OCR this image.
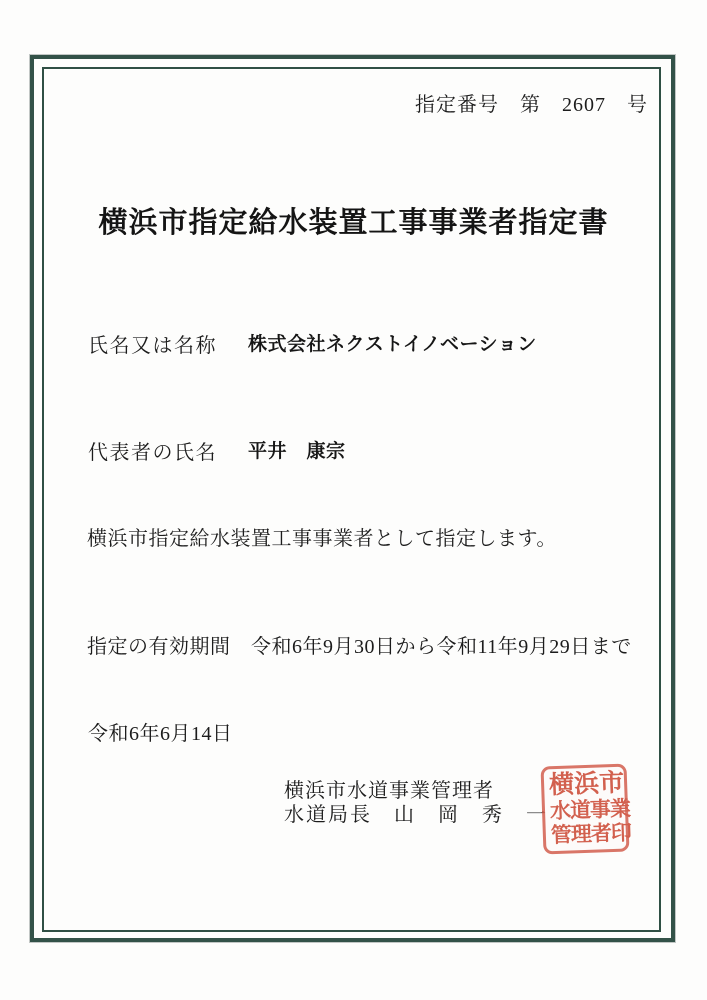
指定番号　第　2607　号
横浜市指定給水装置工事事業者指定書
氏名又は名称 株式会社ネクストイノベーション
代表者の氏名 平井　康宗
横浜市指定給水装置工事事業者として指定します。
指定の有効期間　令和6年9月30日から令和11年9月29日まで
令和6年6月14日
横浜市水道事業管理者
水道局長　山　岡　秀　一
横 浜 市
水 道 事 業
管 理 者 印
